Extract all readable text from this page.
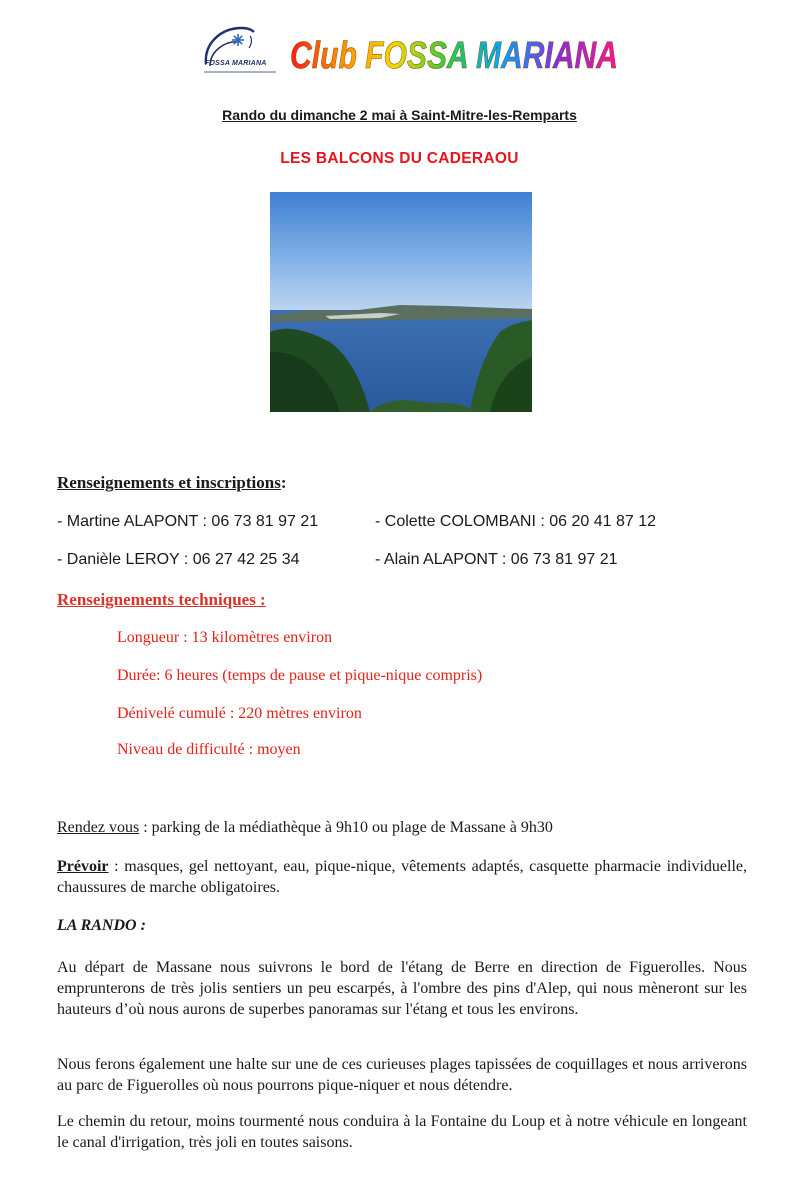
FOSSA MARIANA Club FOSSA MARIANA
Rando du dimanche 2 mai à Saint-Mitre-les-Remparts
LES BALCONS DU CADERAOU
Renseignements et inscriptions:
- Martine ALAPONT : 06 73 81 97 21	- Colette COLOMBANI : 06 20 41 87 12
- Danièle LEROY : 06 27 42 25 34	- Alain ALAPONT : 06 73 81 97 21
Renseignements techniques :
Longueur : 13 kilomètres environ
Durée: 6 heures (temps de pause et pique-nique compris)
Dénivelé cumulé : 220 mètres environ
Niveau de difficulté : moyen
Rendez vous : parking de la médiathèque à 9h10 ou plage de Massane à 9h30
Prévoir : masques, gel nettoyant, eau, pique-nique, vêtements adaptés, casquette pharmacie individuelle, chaussures de marche obligatoires.
LA RANDO :
Au départ de Massane nous suivrons le bord de l'étang de Berre en direction de Figuerolles. Nous emprunterons de très jolis sentiers un peu escarpés, à l'ombre des pins d'Alep, qui nous mèneront sur les hauteurs d’où nous aurons de superbes panoramas sur l'étang et tous les environs.
Nous ferons également une halte sur une de ces curieuses plages tapissées de coquillages et nous arriverons au parc de Figuerolles où nous pourrons pique-niquer et nous détendre.
Le chemin du retour, moins tourmenté nous conduira à la Fontaine du Loup et à notre véhicule en longeant le canal d'irrigation, très joli en toutes saisons.
